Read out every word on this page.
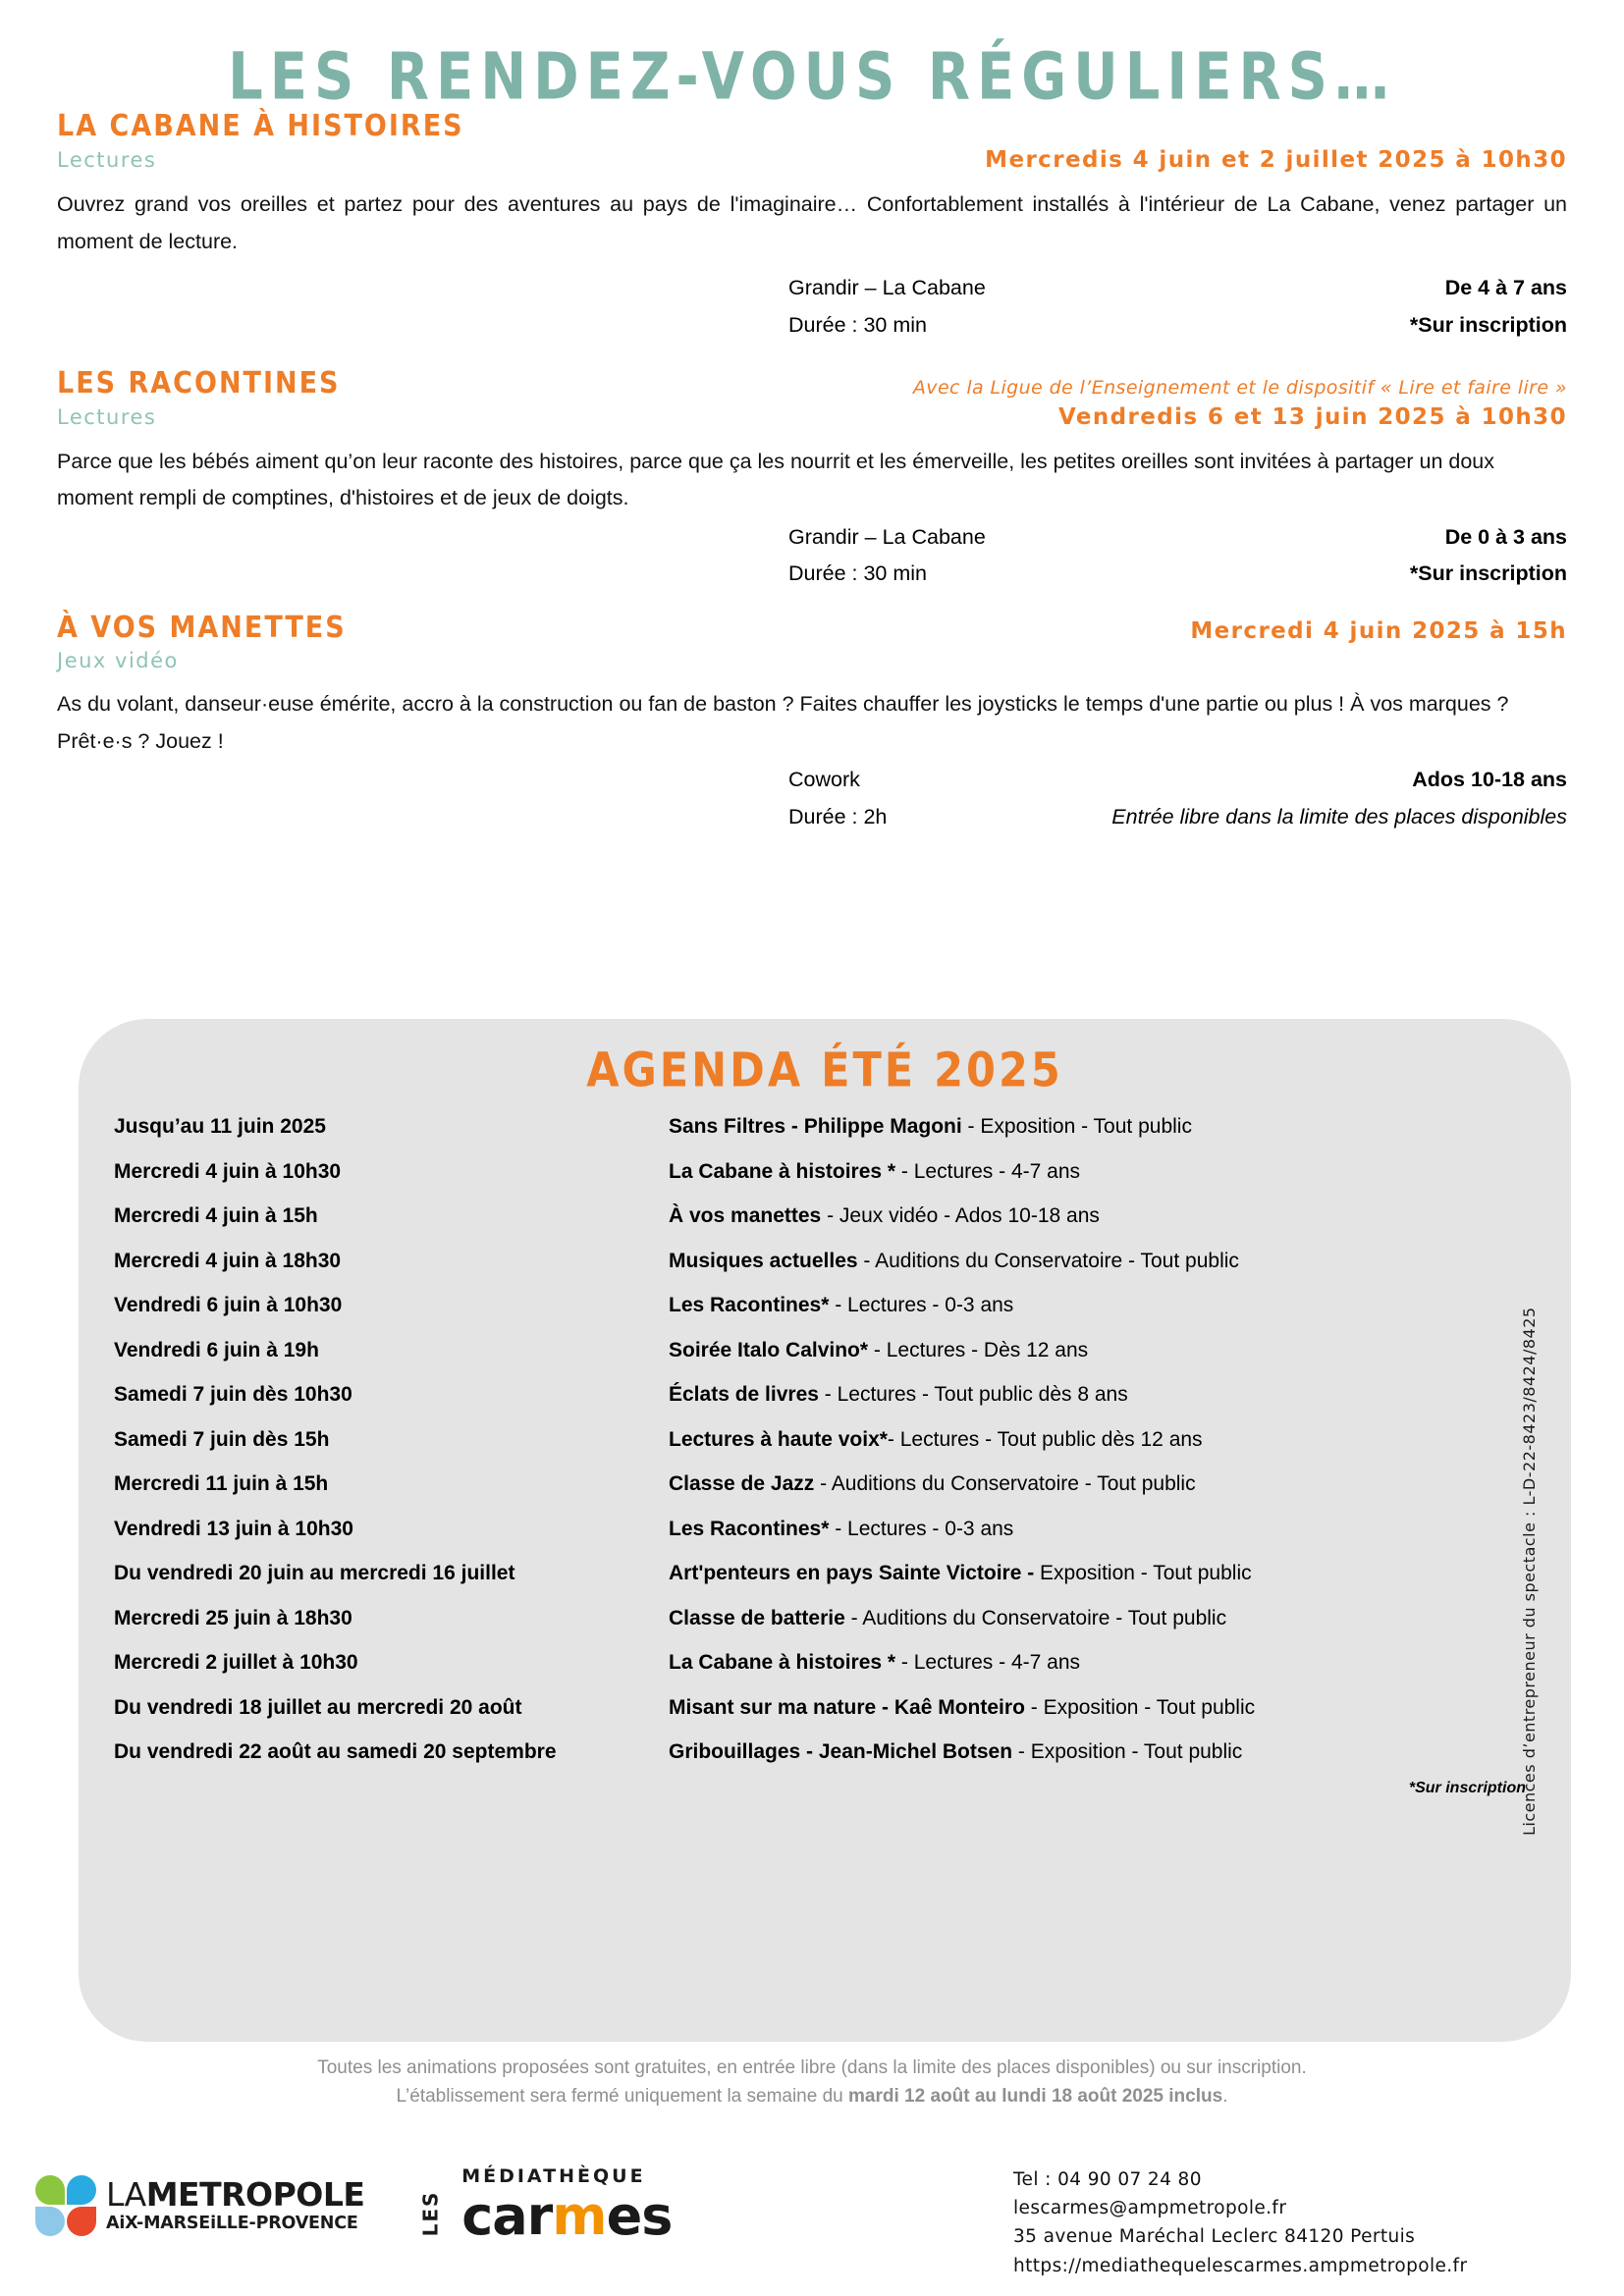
LES RENDEZ-VOUS RÉGULIERS…
LA CABANE À HISTOIRES
Lectures	Mercredis 4 juin et 2 juillet 2025 à 10h30

Ouvrez grand vos oreilles et partez pour des aventures au pays de l'imaginaire… Confortablement installés à l'intérieur de La Cabane, venez partager un moment de lecture.

Grandir – La Cabane	De 4 à 7 ans
Durée : 30 min	*Sur inscription
LES RACONTINES	Avec la Ligue de l’Enseignement et le dispositif « Lire et faire lire »
Lectures	Vendredis 6 et 13 juin 2025 à 10h30

Parce que les bébés aiment qu’on leur raconte des histoires, parce que ça les nourrit et les émerveille, les petites oreilles sont invitées à partager un doux moment rempli de comptines, d'histoires et de jeux de doigts.

Grandir – La Cabane	De 0 à 3 ans
Durée : 30 min	*Sur inscription
À VOS MANETTES	Mercredi 4 juin 2025 à 15h
Jeux vidéo

As du volant, danseur·euse émérite, accro à la construction ou fan de baston ? Faites chauffer les joysticks le temps d'une partie ou plus ! À vos marques ? Prêt·e·s ? Jouez !

Cowork	Ados 10-18 ans
Durée : 2h	Entrée libre dans la limite des places disponibles
AGENDA ÉTÉ 2025
Jusqu’au 11 juin 2025	Sans Filtres - Philippe Magoni - Exposition - Tout public
Mercredi 4 juin à 10h30	La Cabane à histoires * - Lectures - 4-7 ans
Mercredi 4 juin à 15h	À vos manettes - Jeux vidéo - Ados 10-18 ans
Mercredi 4 juin à 18h30	Musiques actuelles - Auditions du Conservatoire - Tout public
Vendredi 6 juin à 10h30	Les Racontines* - Lectures - 0-3 ans
Vendredi 6 juin à 19h	Soirée Italo Calvino* - Lectures - Dès 12 ans
Samedi 7 juin dès 10h30	Éclats de livres - Lectures - Tout public dès 8 ans
Samedi 7 juin dès 15h	Lectures à haute voix*- Lectures - Tout public dès 12 ans
Mercredi 11 juin à 15h	Classe de Jazz - Auditions du Conservatoire - Tout public
Vendredi 13 juin à 10h30	Les Racontines* - Lectures - 0-3 ans
Du vendredi 20 juin au mercredi 16 juillet	Art'penteurs en pays Sainte Victoire - Exposition - Tout public
Mercredi 25 juin à 18h30	Classe de batterie - Auditions du Conservatoire - Tout public
Mercredi 2 juillet à 10h30	La Cabane à histoires * - Lectures - 4-7 ans
Du vendredi 18 juillet au mercredi 20 août	Misant sur ma nature - Kaê Monteiro - Exposition - Tout public
Du vendredi 22 août au samedi 20 septembre	Gribouillages - Jean-Michel Botsen - Exposition - Tout public
*Sur inscription
Licences d’entrepreneur du spectacle : L-D-22-8423/8424/8425
Toutes les animations proposées sont gratuites, en entrée libre (dans la limite des places disponibles) ou sur inscription.
L’établissement sera fermé uniquement la semaine du mardi 12 août au lundi 18 août 2025 inclus.
LAMETROPOLE
AiX-MARSEiLLE-PROVENCE	LES
MÉDIATHÈQUE
carmes
Tel : 04 90 07 24 80
lescarmes@ampmetropole.fr
35 avenue Maréchal Leclerc 84120 Pertuis
https://mediathequelescarmes.ampmetropole.fr
